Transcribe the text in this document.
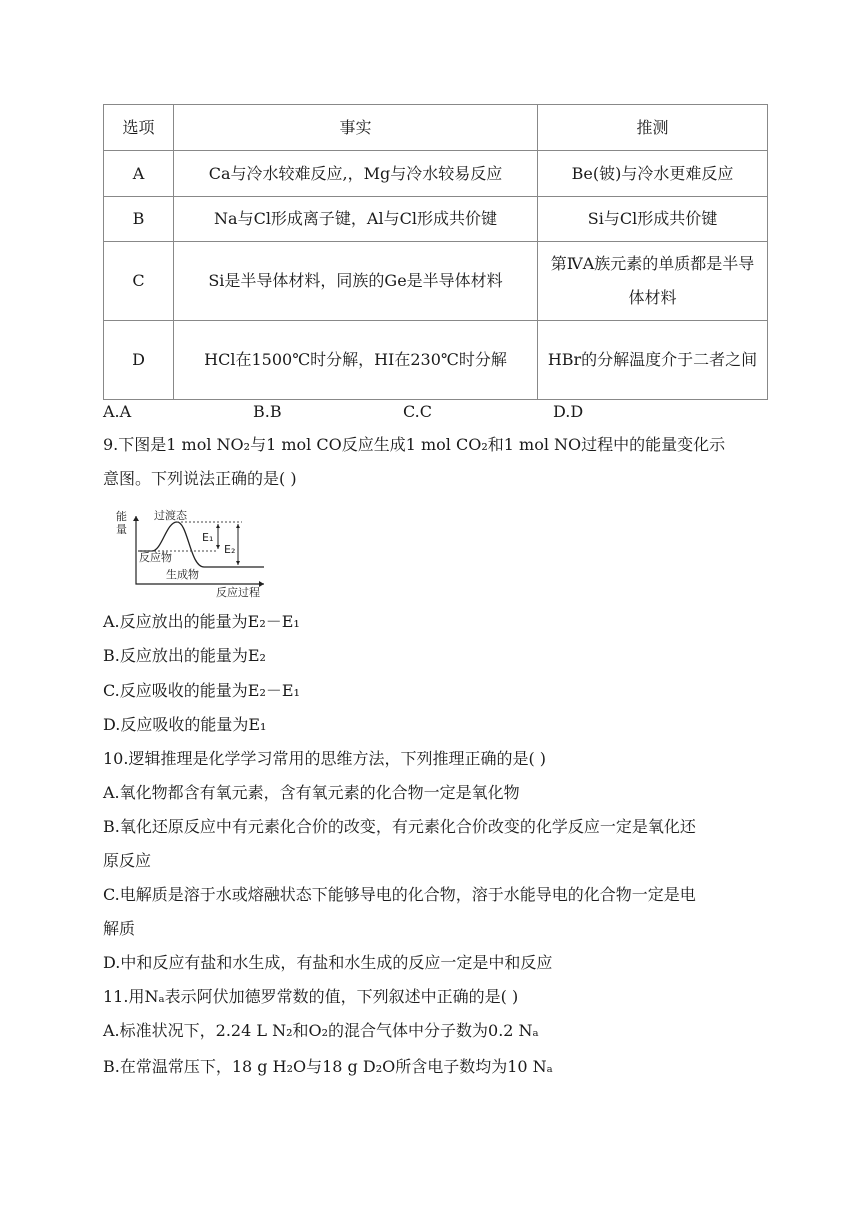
选项	事实	推测
A	Ca与冷水较难反应,，Mg与冷水较易反应	Be(铍)与冷水更难反应
B	Na与Cl形成离子键，Al与Cl形成共价键	Si与Cl形成共价键
C	Si是半导体材料，同族的Ge是半导体材料	第ⅣA族元素的单质都是半导体材料
D	HCl在1500℃时分解，HI在230℃时分解	HBr的分解温度介于二者之间
A.A	B.B	C.C	D.D
9.下图是1 mol NO₂与1 mol CO反应生成1 mol CO₂和1 mol NO过程中的能量变化示
意图。下列说法正确的是( )
能
量
过渡态
E₁
E₂
反应物
生成物
反应过程
A.反应放出的能量为E₂－E₁
B.反应放出的能量为E₂
C.反应吸收的能量为E₂－E₁
D.反应吸收的能量为E₁
10.逻辑推理是化学学习常用的思维方法，下列推理正确的是( )
A.氧化物都含有氧元素，含有氧元素的化合物一定是氧化物
B.氧化还原反应中有元素化合价的改变，有元素化合价改变的化学反应一定是氧化还
原反应
C.电解质是溶于水或熔融状态下能够导电的化合物，溶于水能导电的化合物一定是电
解质
D.中和反应有盐和水生成，有盐和水生成的反应一定是中和反应
11.用Nₐ表示阿伏加德罗常数的值，下列叙述中正确的是( )
A.标准状况下，2.24 L N₂和O₂的混合气体中分子数为0.2 Nₐ
B.在常温常压下，18 g H₂O与18 g D₂O所含电子数均为10 Nₐ
